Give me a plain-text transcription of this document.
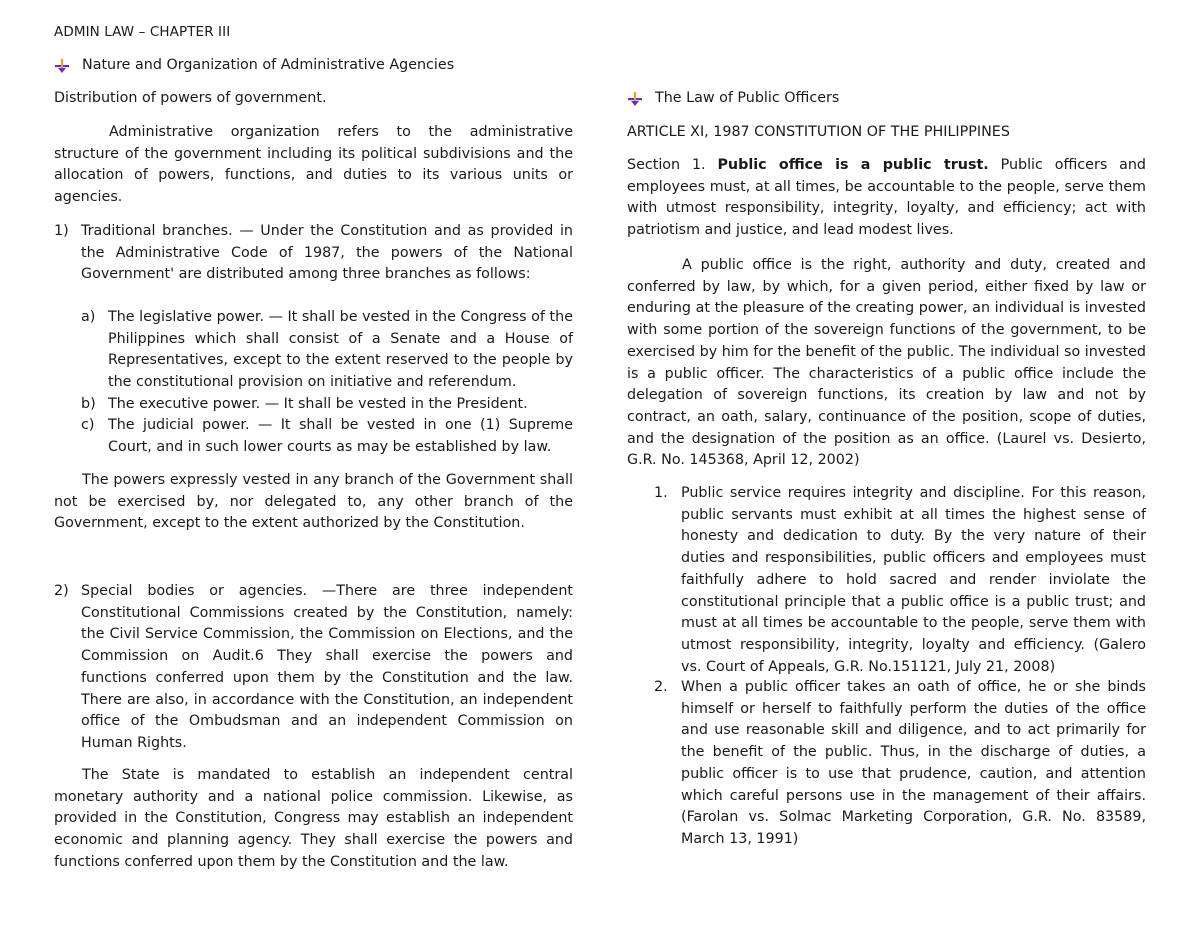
ADMIN LAW – CHAPTER III
Nature and Organization of Administrative Agencies
Distribution of powers of government.
Administrative organization refers to the administrative structure of the government including its political subdivisions and the allocation of powers, functions, and duties to its various units or agencies.
1) Traditional branches. — Under the Constitution and as provided in the Administrative Code of 1987, the powers of the National Government' are distributed among three branches as follows:
a) The legislative power. — It shall be vested in the Congress of the Philippines which shall consist of a Senate and a House of Representatives, except to the extent reserved to the people by the constitutional provision on initiative and referendum.
b) The executive power. — It shall be vested in the President.
c) The judicial power. — It shall be vested in one (1) Supreme Court, and in such lower courts as may be established by law.
The powers expressly vested in any branch of the Government shall not be exercised by, nor delegated to, any other branch of the Government, except to the extent authorized by the Constitution.
2) Special bodies or agencies. —There are three independent Constitutional Commissions created by the Constitution, namely: the Civil Service Commission, the Commission on Elections, and the Commission on Audit.6 They shall exercise the powers and functions conferred upon them by the Constitution and the law. There are also, in accordance with the Constitution, an independent office of the Ombudsman and an independent Commission on Human Rights.
The State is mandated to establish an independent central monetary authority and a national police commission. Likewise, as provided in the Constitution, Congress may establish an independent economic and planning agency. They shall exercise the powers and functions conferred upon them by the Constitution and the law.
The Law of Public Officers
ARTICLE XI, 1987 CONSTITUTION OF THE PHILIPPINES
Section 1. Public office is a public trust. Public officers and employees must, at all times, be accountable to the people, serve them with utmost responsibility, integrity, loyalty, and efficiency; act with patriotism and justice, and lead modest lives.
A public office is the right, authority and duty, created and conferred by law, by which, for a given period, either fixed by law or enduring at the pleasure of the creating power, an individual is invested with some portion of the sovereign functions of the government, to be exercised by him for the benefit of the public. The individual so invested is a public officer. The characteristics of a public office include the delegation of sovereign functions, its creation by law and not by contract, an oath, salary, continuance of the position, scope of duties, and the designation of the position as an office. (Laurel vs. Desierto, G.R. No. 145368, April 12, 2002)
1. Public service requires integrity and discipline. For this reason, public servants must exhibit at all times the highest sense of honesty and dedication to duty. By the very nature of their duties and responsibilities, public officers and employees must faithfully adhere to hold sacred and render inviolate the constitutional principle that a public office is a public trust; and must at all times be accountable to the people, serve them with utmost responsibility, integrity, loyalty and efficiency. (Galero vs. Court of Appeals, G.R. No.151121, July 21, 2008)
2. When a public officer takes an oath of office, he or she binds himself or herself to faithfully perform the duties of the office and use reasonable skill and diligence, and to act primarily for the benefit of the public. Thus, in the discharge of duties, a public officer is to use that prudence, caution, and attention which careful persons use in the management of their affairs. (Farolan vs. Solmac Marketing Corporation, G.R. No. 83589, March 13, 1991)
